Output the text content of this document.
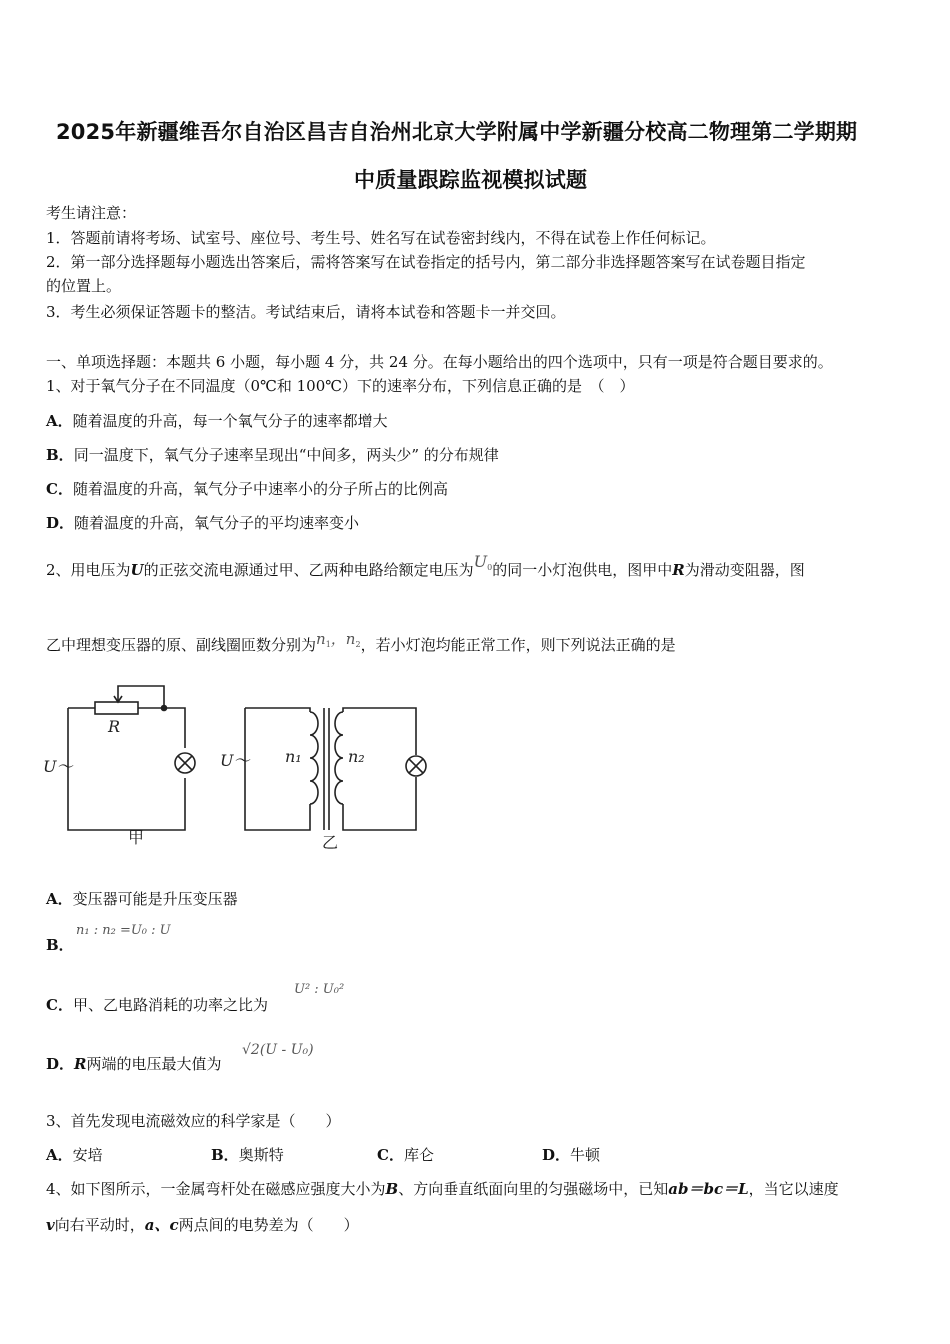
2025年新疆维吾尔自治区昌吉自治州北京大学附属中学新疆分校高二物理第二学期期
中质量跟踪监视模拟试题
考生请注意：
1．答题前请将考场、试室号、座位号、考生号、姓名写在试卷密封线内，不得在试卷上作任何标记。
2．第一部分选择题每小题选出答案后，需将答案写在试卷指定的括号内，第二部分非选择题答案写在试卷题目指定
的位置上。
3．考生必须保证答题卡的整洁。考试结束后，请将本试卷和答题卡一并交回。
一、单项选择题：本题共 6 小题，每小题 4 分，共 24 分。在每小题给出的四个选项中，只有一项是符合题目要求的。
1、对于氧气分子在不同温度（0℃和 100℃）下的速率分布，下列信息正确的是　（　）
A．随着温度的升高，每一个氧气分子的速率都增大
B．同一温度下，氧气分子速率呈现出“中间多，两头少” 的分布规律
C．随着温度的升高，氧气分子中速率小的分子所占的比例高
D．随着温度的升高，氧气分子的平均速率变小
2、用电压为U的正弦交流电源通过甲、乙两种电路给额定电压为$U_0$的同一小灯泡供电，图甲中R为滑动变阻器，图
乙中理想变压器的原、副线圈匝数分别为$n_1$，$n_2$，若小灯泡均能正常工作，则下列说法正确的是
R
U～
甲
U～ n₁	n₂
乙
A．变压器可能是升压变压器
B．
n₁ : n₂ =U₀ : U
C．甲、乙电路消耗的功率之比为
U² : U₀²
D．R两端的电压最大值为
√2(U - U₀)
3、首先发现电流磁效应的科学家是（　　）
A．安培	B．奥斯特	C．库仑	D．牛顿
4、如下图所示，一金属弯杆处在磁感应强度大小为B、方向垂直纸面向里的匀强磁场中，已知ab＝bc＝L，当它以速度
v向右平动时，a、c两点间的电势差为（　　）
